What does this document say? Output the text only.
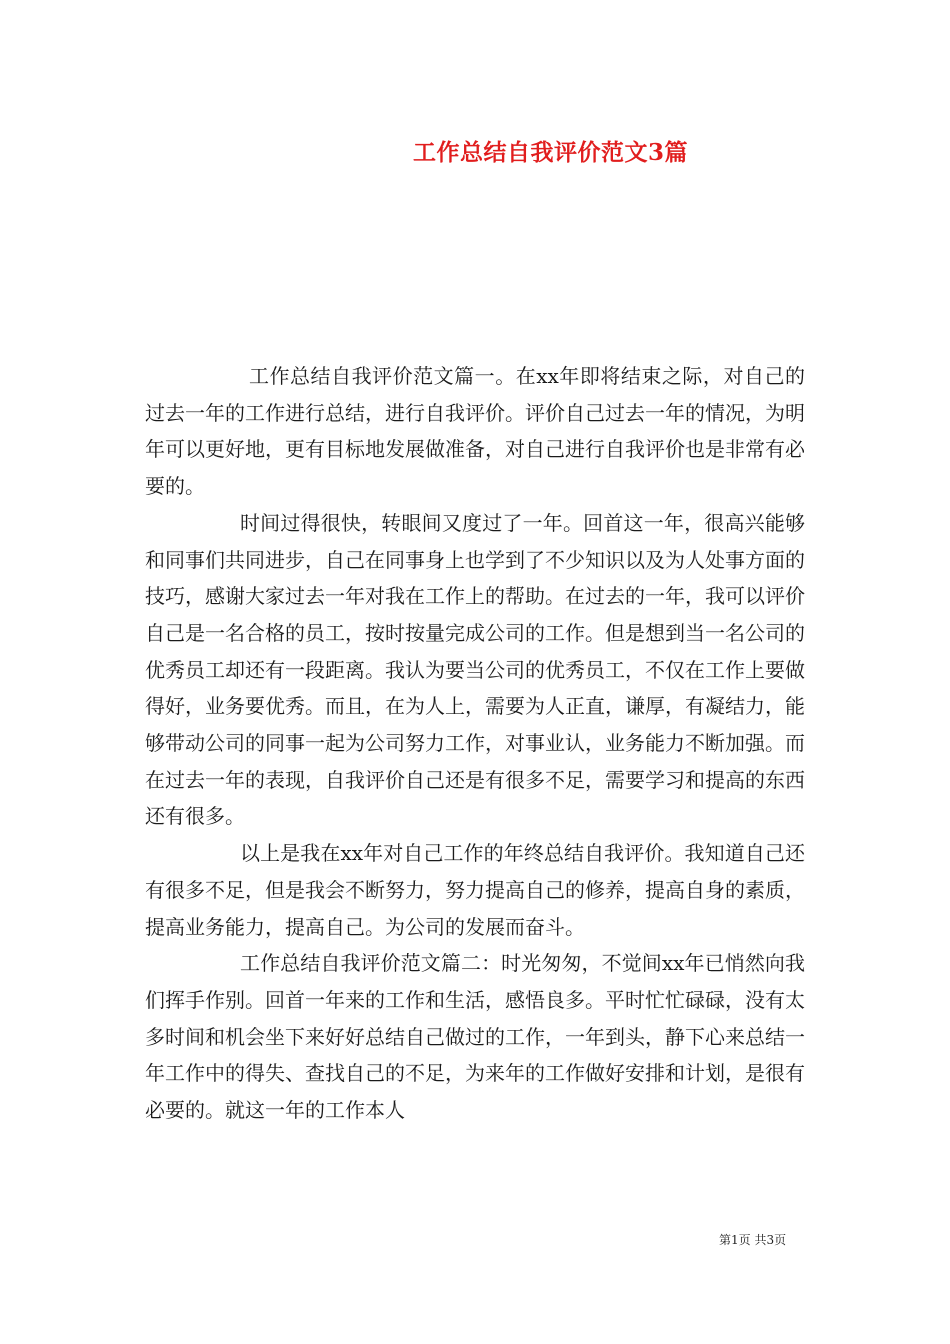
工作总结自我评价范文3篇

工作总结自我评价范文篇一。在xx年即将结束之际，对自己的过去一年的工作进行总结，进行自我评价。评价自己过去一年的情况，为明年可以更好地，更有目标地发展做准备，对自己进行自我评价也是非常有必要的。

时间过得很快，转眼间又度过了一年。回首这一年，很高兴能够和同事们共同进步，自己在同事身上也学到了不少知识以及为人处事方面的技巧，感谢大家过去一年对我在工作上的帮助。在过去的一年，我可以评价自己是一名合格的员工，按时按量完成公司的工作。但是想到当一名公司的优秀员工却还有一段距离。我认为要当公司的优秀员工，不仅在工作上要做得好，业务要优秀。而且，在为人上，需要为人正直，谦厚，有凝结力，能够带动公司的同事一起为公司努力工作，对事业认，业务能力不断加强。而在过去一年的表现，自我评价自己还是有很多不足，需要学习和提高的东西还有很多。

以上是我在xx年对自己工作的年终总结自我评价。我知道自己还有很多不足，但是我会不断努力，努力提高自己的修养，提高自身的素质，提高业务能力，提高自己。为公司的发展而奋斗。

工作总结自我评价范文篇二：时光匆匆，不觉间xx年已悄然向我们挥手作别。回首一年来的工作和生活，感悟良多。平时忙忙碌碌，没有太多时间和机会坐下来好好总结自己做过的工作，一年到头，静下心来总结一年工作中的得失、查找自己的不足，为来年的工作做好安排和计划，是很有必要的。就这一年的工作本人

第1页 共3页
